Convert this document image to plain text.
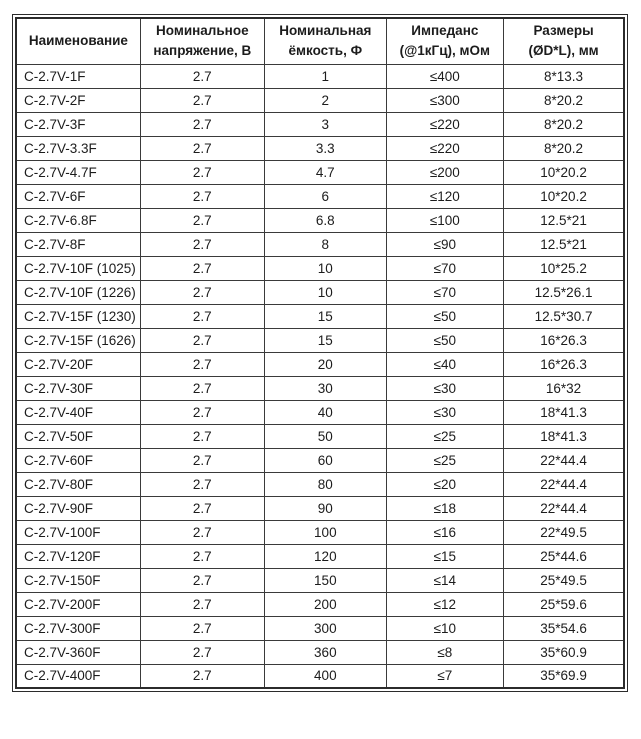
Наименование	Номинальное напряжение, В	Номинальная ёмкость, Ф	Импеданс (@1кГц), мОм	Размеры (ØD*L), мм
C-2.7V-1F	2.7	1	≤400	8*13.3
C-2.7V-2F	2.7	2	≤300	8*20.2
C-2.7V-3F	2.7	3	≤220	8*20.2
C-2.7V-3.3F	2.7	3.3	≤220	8*20.2
C-2.7V-4.7F	2.7	4.7	≤200	10*20.2
C-2.7V-6F	2.7	6	≤120	10*20.2
C-2.7V-6.8F	2.7	6.8	≤100	12.5*21
C-2.7V-8F	2.7	8	≤90	12.5*21
C-2.7V-10F (1025)	2.7	10	≤70	10*25.2
C-2.7V-10F (1226)	2.7	10	≤70	12.5*26.1
C-2.7V-15F (1230)	2.7	15	≤50	12.5*30.7
C-2.7V-15F (1626)	2.7	15	≤50	16*26.3
C-2.7V-20F	2.7	20	≤40	16*26.3
C-2.7V-30F	2.7	30	≤30	16*32
C-2.7V-40F	2.7	40	≤30	18*41.3
C-2.7V-50F	2.7	50	≤25	18*41.3
C-2.7V-60F	2.7	60	≤25	22*44.4
C-2.7V-80F	2.7	80	≤20	22*44.4
C-2.7V-90F	2.7	90	≤18	22*44.4
C-2.7V-100F	2.7	100	≤16	22*49.5
C-2.7V-120F	2.7	120	≤15	25*44.6
C-2.7V-150F	2.7	150	≤14	25*49.5
C-2.7V-200F	2.7	200	≤12	25*59.6
C-2.7V-300F	2.7	300	≤10	35*54.6
C-2.7V-360F	2.7	360	≤8	35*60.9
C-2.7V-400F	2.7	400	≤7	35*69.9
